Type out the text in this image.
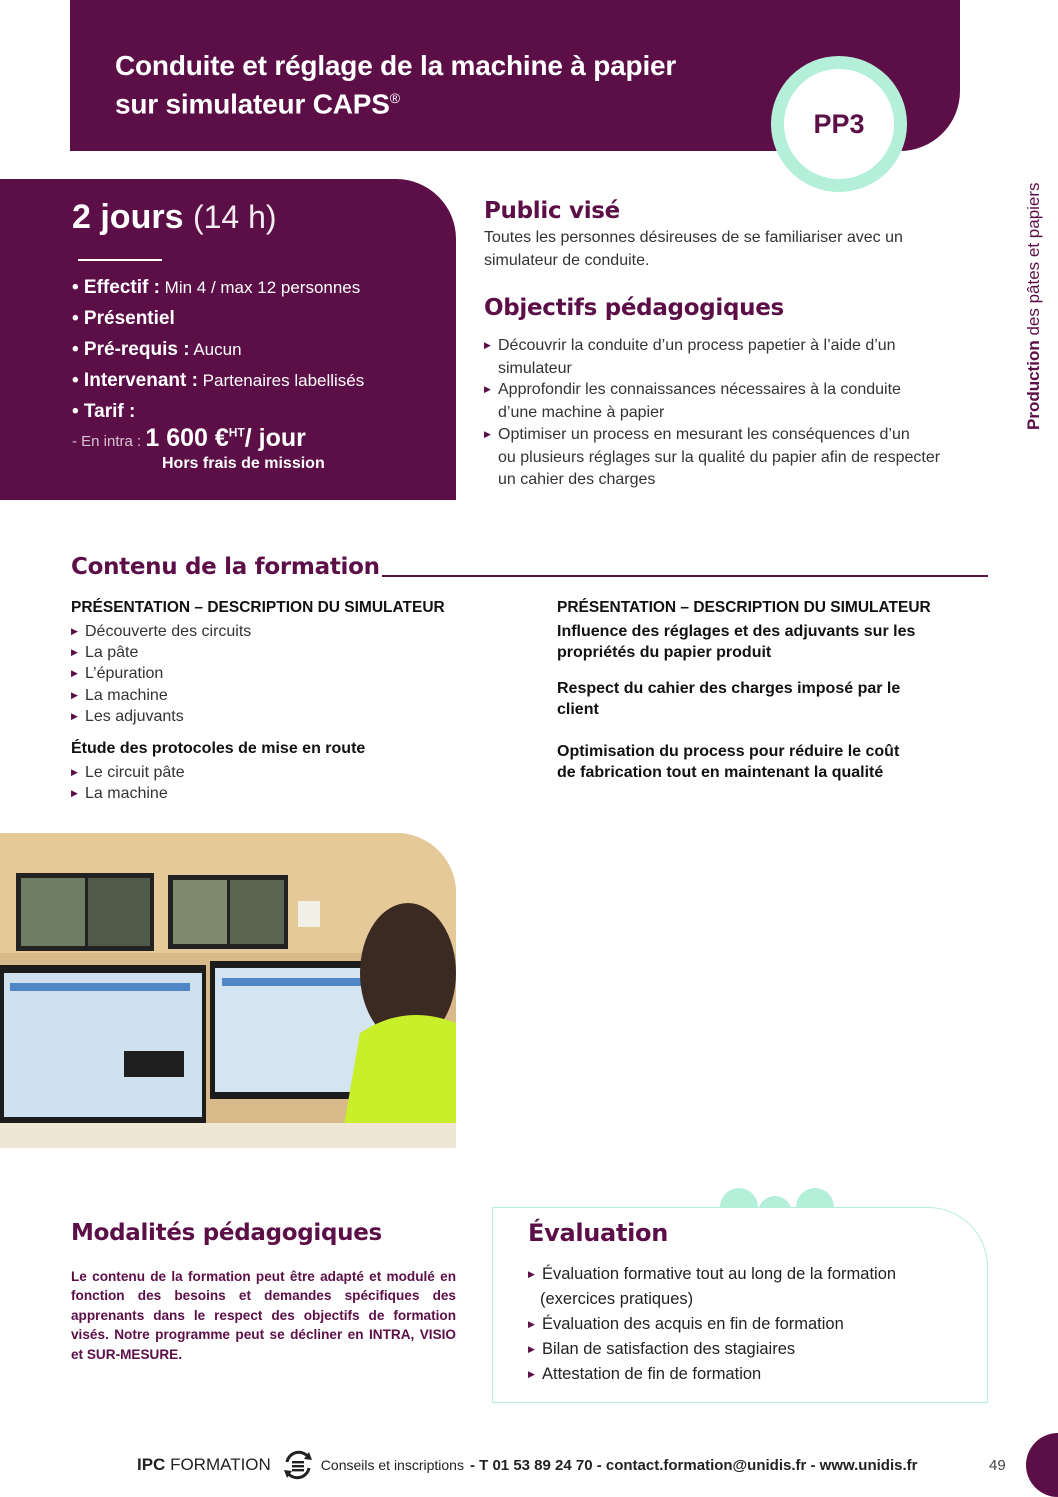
Conduite et réglage de la machine à papier
sur simulateur CAPS®
PP3
Production des pâtes et papiers
2 jours (14 h)
• Effectif : Min 4 / max 12 personnes
• Présentiel
• Pré-requis : Aucun
• Intervenant : Partenaires labellisés
• Tarif :
- En intra : 1 600 €$^{HT}$/ jour
Hors frais de mission
Public visé
Toutes les personnes désireuses de se familiariser avec un simulateur de conduite.
Objectifs pédagogiques
▶ Découvrir la conduite d’un process papetier à l’aide d’un
simulateur
▶ Approfondir les connaissances nécessaires à la conduite
d’une machine à papier
▶ Optimiser un process en mesurant les conséquences d’un
ou plusieurs réglages sur la qualité du papier afin de respecter
un cahier des charges
Contenu de la formation
PRÉSENTATION – DESCRIPTION DU SIMULATEUR
▶ Découverte des circuits
▶ La pâte
▶ L’épuration
▶ La machine
▶ Les adjuvants
Étude des protocoles de mise en route
▶ Le circuit pâte
▶ La machine
PRÉSENTATION – DESCRIPTION DU SIMULATEUR
Influence des réglages et des adjuvants sur les
propriétés du papier produit
Respect du cahier des charges imposé par le
client
Optimisation du process pour réduire le coût
de fabrication tout en maintenant la qualité
Modalités pédagogiques
Le contenu de la formation peut être adapté et modulé en fonction des besoins et demandes spécifiques des apprenants dans le respect des objectifs de formation visés. Notre programme peut se décliner en INTRA, VISIO et SUR-MESURE.
Évaluation
▶ Évaluation formative tout au long de la formation
(exercices pratiques)
▶ Évaluation des acquis en fin de formation
▶ Bilan de satisfaction des stagiaires
▶ Attestation de fin de formation
IPC FORMATION	Conseils et inscriptions - T 01 53 89 24 70 - contact.formation@unidis.fr - www.unidis.fr	49
